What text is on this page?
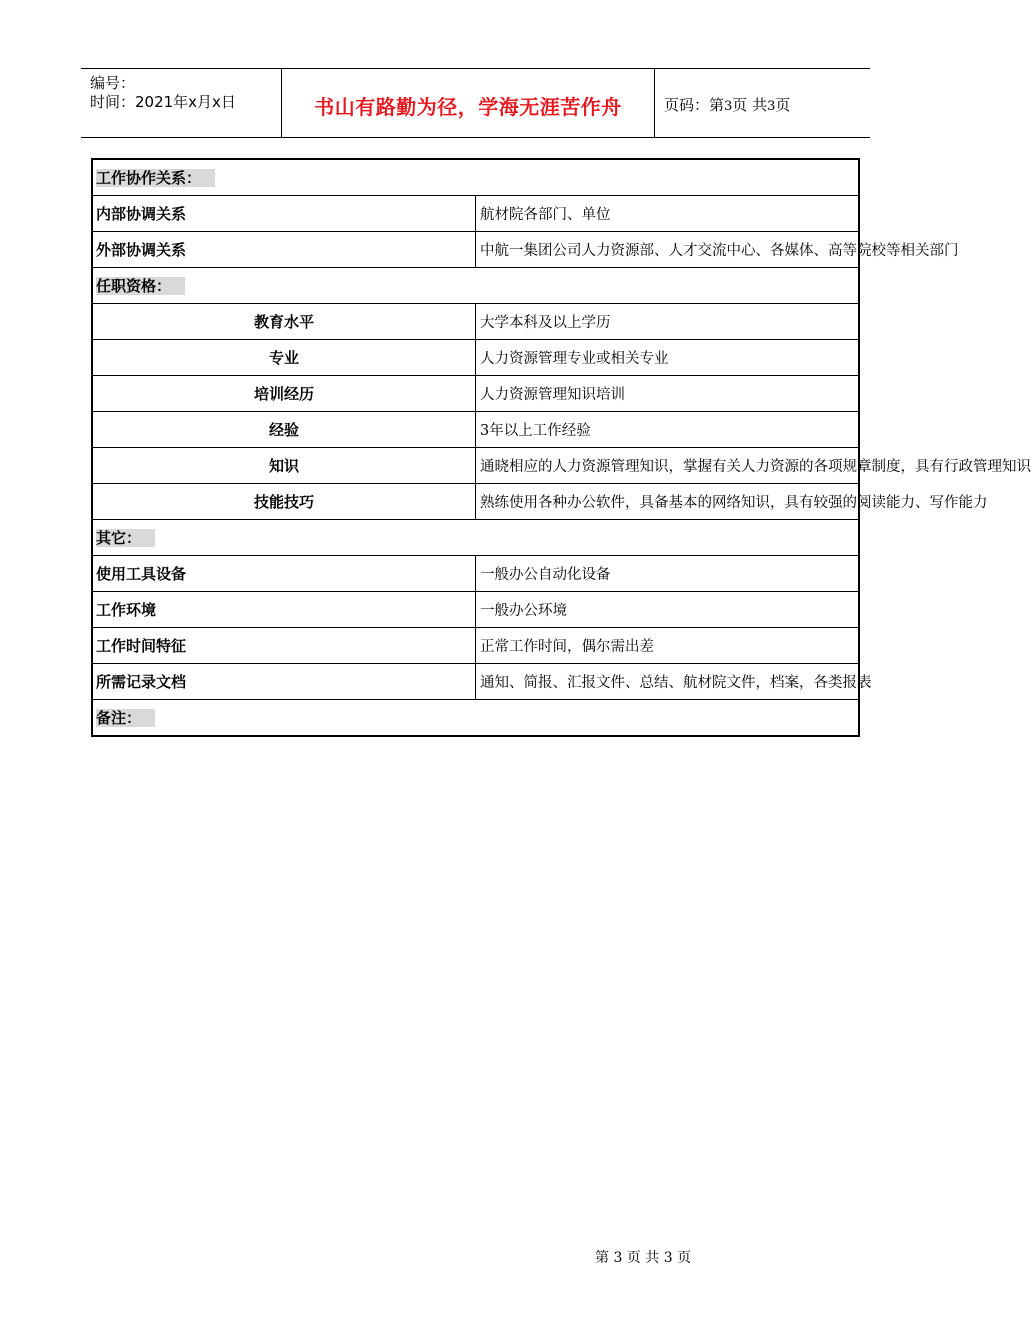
编号：
时间：2021年x月x日	书山有路勤为径，学海无涯苦作舟	页码：第3页 共3页
工作协作关系：	
内部协调关系	航材院各部门、单位
外部协调关系	中航一集团公司人力资源部、人才交流中心、各媒体、高等院校等相关部门
任职资格：	
教育水平	大学本科及以上学历
专业	人力资源管理专业或相关专业
培训经历	人力资源管理知识培训
经验	3年以上工作经验
知识	通晓相应的人力资源管理知识，掌握有关人力资源的各项规章制度，具有行政管理知识
技能技巧	熟练使用各种办公软件，具备基本的网络知识，具有较强的阅读能力、写作能力
其它：	
使用工具设备	一般办公自动化设备
工作环境	一般办公环境
工作时间特征	正常工作时间，偶尔需出差
所需记录文档	通知、简报、汇报文件、总结、航材院文件，档案，各类报表
备注：	
第 3 页 共 3 页
